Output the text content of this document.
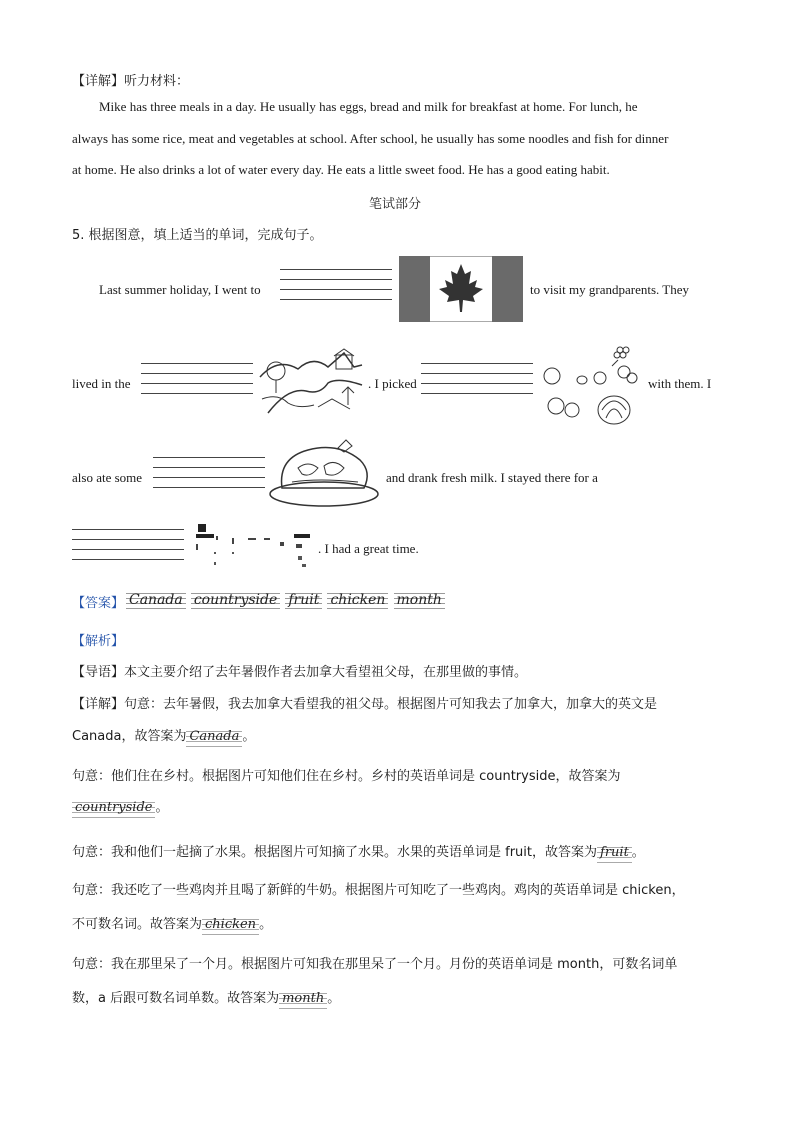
【详解】听力材料：
Mike has three meals in a day. He usually has eggs, bread and milk for breakfast at home. For lunch, he
always has some rice, meat and vegetables at school. After school, he usually has some noodles and fish for dinner
at home. He also drinks a lot of water every day. He eats a little sweet food. He has a good eating habit.
笔试部分
5. 根据图意，填上适当的单词，完成句子。
Last summer holiday, I went to	to visit my grandparents. They
lived in the	. I picked	with them. I
also ate some	and drank fresh milk. I stayed there for a
. I had a great time.
【答案】 Canada countryside fruit chicken month
【解析】
【导语】本文主要介绍了去年暑假作者去加拿大看望祖父母，在那里做的事情。
【详解】句意：去年暑假，我去加拿大看望我的祖父母。根据图片可知我去了加拿大，加拿大的英文是
Canada，故答案为 Canada 。
句意：他们住在乡村。根据图片可知他们住在乡村。乡村的英语单词是 countryside，故答案为
countryside 。
句意：我和他们一起摘了水果。根据图片可知摘了水果。水果的英语单词是 fruit，故答案为 fruit 。
句意：我还吃了一些鸡肉并且喝了新鲜的牛奶。根据图片可知吃了一些鸡肉。鸡肉的英语单词是 chicken，
不可数名词。故答案为 chicken 。
句意：我在那里呆了一个月。根据图片可知我在那里呆了一个月。月份的英语单词是 month，可数名词单
数，a 后跟可数名词单数。故答案为 month 。
